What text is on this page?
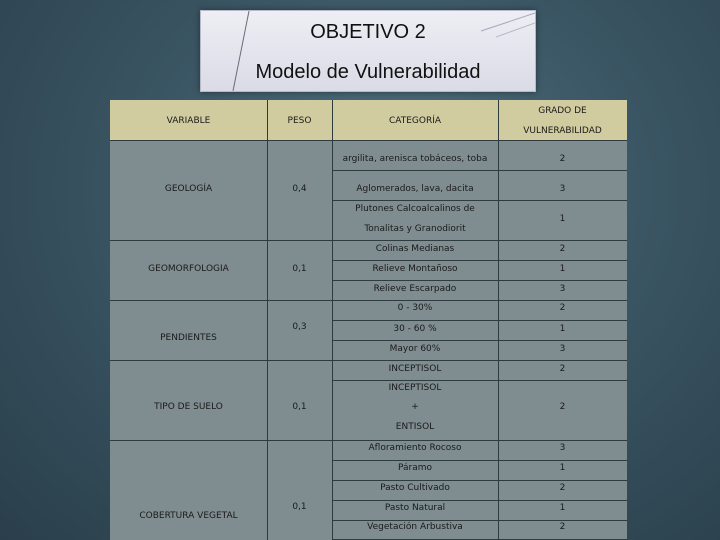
OBJETIVO 2
Modelo de Vulnerabilidad
VARIABLE	PESO	CATEGORÍA
GRADO DE
VULNERABILIDAD
GEOLOGÍA
GEOMORFOLOGIA
PENDIENTES
TIPO DE SUELO
COBERTURA VEGETAL
0,4
0,1
0,3
0,1
0,1
argilita, arenisca tobáceos, toba
Aglomerados, lava, dacita
Plutones Calcoalcalinos de
Tonalitas y Granodiorit
Colinas Medianas
Relieve Montañoso
Relieve Escarpado
0 - 30%
30 - 60 %
Mayor 60%
INCEPTISOL
INCEPTISOL
+
ENTISOL
Afloramiento Rocoso
Páramo
Pasto Cultivado
Pasto Natural
Vegetación Arbustiva
2
3
1
2
1
3
2
1
3
2
2
3
1
2
1
2
